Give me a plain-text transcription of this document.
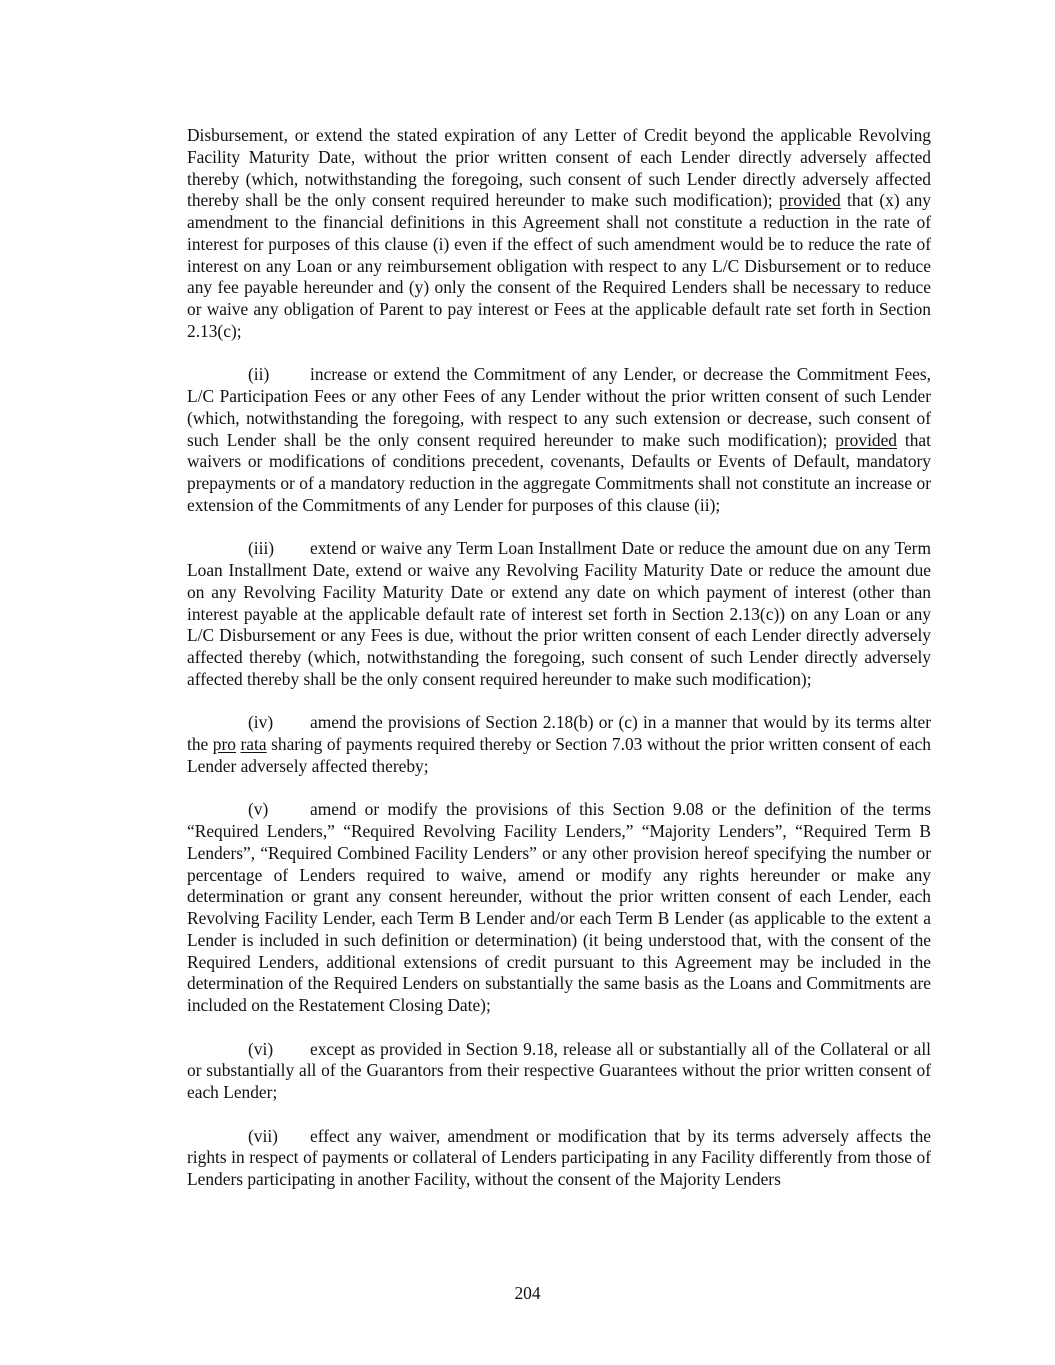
Disbursement, or extend the stated expiration of any Letter of Credit beyond the applicable Revolving Facility Maturity Date, without the prior written consent of each Lender directly adversely affected thereby (which, notwithstanding the foregoing, such consent of such Lender directly adversely affected thereby shall be the only consent required hereunder to make such modification); provided that (x) any amendment to the financial definitions in this Agreement shall not constitute a reduction in the rate of interest for purposes of this clause (i) even if the effect of such amendment would be to reduce the rate of interest on any Loan or any reimbursement obligation with respect to any L/C Disbursement or to reduce any fee payable hereunder and (y) only the consent of the Required Lenders shall be necessary to reduce or waive any obligation of Parent to pay interest or Fees at the applicable default rate set forth in Section 2.13(c);

(ii) increase or extend the Commitment of any Lender, or decrease the Commitment Fees, L/C Participation Fees or any other Fees of any Lender without the prior written consent of such Lender (which, notwithstanding the foregoing, with respect to any such extension or decrease, such consent of such Lender shall be the only consent required hereunder to make such modification); provided that waivers or modifications of conditions precedent, covenants, Defaults or Events of Default, mandatory prepayments or of a mandatory reduction in the aggregate Commitments shall not constitute an increase or extension of the Commitments of any Lender for purposes of this clause (ii);

(iii) extend or waive any Term Loan Installment Date or reduce the amount due on any Term Loan Installment Date, extend or waive any Revolving Facility Maturity Date or reduce the amount due on any Revolving Facility Maturity Date or extend any date on which payment of interest (other than interest payable at the applicable default rate of interest set forth in Section 2.13(c)) on any Loan or any L/C Disbursement or any Fees is due, without the prior written consent of each Lender directly adversely affected thereby (which, notwithstanding the foregoing, such consent of such Lender directly adversely affected thereby shall be the only consent required hereunder to make such modification);

(iv) amend the provisions of Section 2.18(b) or (c) in a manner that would by its terms alter the pro rata sharing of payments required thereby or Section 7.03 without the prior written consent of each Lender adversely affected thereby;

(v) amend or modify the provisions of this Section 9.08 or the definition of the terms “Required Lenders,” “Required Revolving Facility Lenders,” “Majority Lenders”, “Required Term B Lenders”, “Required Combined Facility Lenders” or any other provision hereof specifying the number or percentage of Lenders required to waive, amend or modify any rights hereunder or make any determination or grant any consent hereunder, without the prior written consent of each Lender, each Revolving Facility Lender, each Term B Lender and/or each Term B Lender (as applicable to the extent a Lender is included in such definition or determination) (it being understood that, with the consent of the Required Lenders, additional extensions of credit pursuant to this Agreement may be included in the determination of the Required Lenders on substantially the same basis as the Loans and Commitments are included on the Restatement Closing Date);

(vi) except as provided in Section 9.18, release all or substantially all of the Collateral or all or substantially all of the Guarantors from their respective Guarantees without the prior written consent of each Lender;

(vii) effect any waiver, amendment or modification that by its terms adversely affects the rights in respect of payments or collateral of Lenders participating in any Facility differently from those of Lenders participating in another Facility, without the consent of the Majority Lenders

204
